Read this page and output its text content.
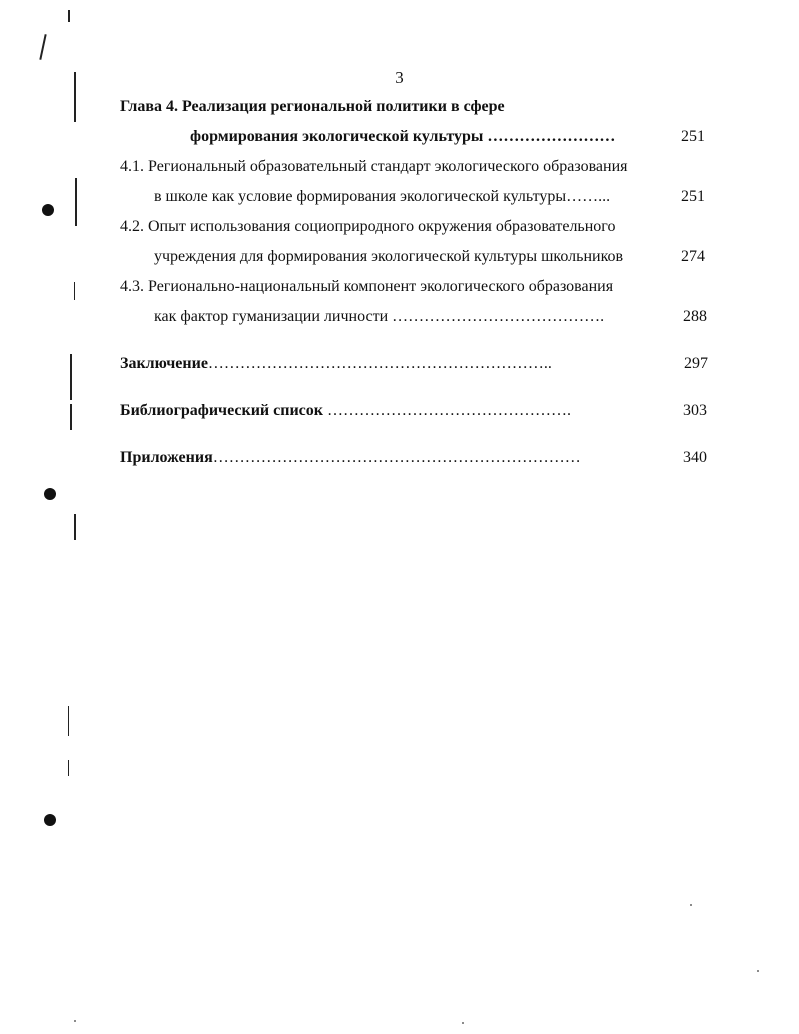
3
Глава 4. Реализация региональной политики в сфере
формирования экологической культуры ……………………	251
4.1. Региональный образовательный стандарт экологического образования
в школе как условие формирования экологической культуры……...	251
4.2. Опыт использования социоприродного окружения образовательного
учреждения для формирования экологической культуры школьников	274
4.3. Регионально-национальный компонент экологического образования
как фактор гуманизации личности ………………………………….	288
Заключение………………………………………………………..	297
Библиографический список ……………………………………….	303
Приложения……………………………………………………………	340
